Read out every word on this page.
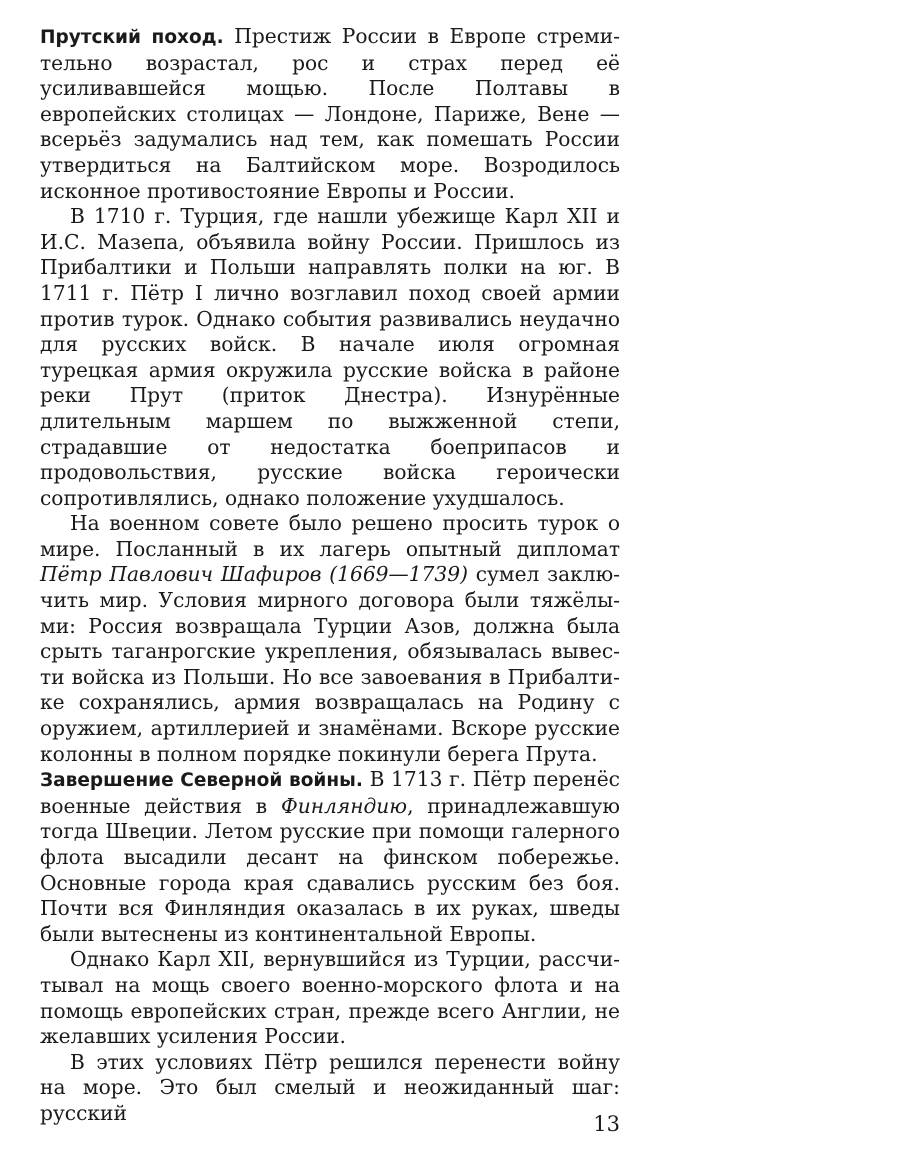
Прутский поход. Престиж России в Европе стремительно возрастал, рос и страх перед её усиливавшейся мощью. После Полтавы в европейских столицах — Лондоне, Париже, Вене — всерьёз задумались над тем, как помешать России утвердиться на Балтийском море. Возродилось исконное противостояние Европы и России.

В 1710 г. Турция, где нашли убежище Карл XII и И.С. Мазепа, объявила войну России. Пришлось из Прибалтики и Польши направлять полки на юг. В 1711 г. Пётр I лично возглавил поход своей армии против турок. Однако события развивались неудачно для русских войск. В начале июля огромная турецкая армия окружила русские войска в районе реки Прут (приток Днестра). Изнурённые длительным маршем по выжженной степи, страдавшие от недостатка боеприпасов и продовольствия, русские войска героически сопротивлялись, однако положение ухудшалось.

На военном совете было решено просить турок о мире. Посланный в их лагерь опытный дипломат Пётр Павлович Шафиров (1669—1739) сумел заключить мир. Условия мирного договора были тяжёлыми: Россия возвращала Турции Азов, должна была срыть таганрогские укрепления, обязывалась вывести войска из Польши. Но все завоевания в Прибалтике сохранялись, армия возвращалась на Родину с оружием, артиллерией и знамёнами. Вскоре русские колонны в полном порядке покинули берега Прута.

Завершение Северной войны. В 1713 г. Пётр перенёс военные действия в Финляндию, принадлежавшую тогда Швеции. Летом русские при помощи галерного флота высадили десант на финском побережье. Основные города края сдавались русским без боя. Почти вся Финляндия оказалась в их руках, шведы были вытеснены из континентальной Европы.

Однако Карл XII, вернувшийся из Турции, рассчитывал на мощь своего военно-морского флота и на помощь европейских стран, прежде всего Англии, не желавших усиления России.

В этих условиях Пётр решился перенести войну на море. Это был смелый и неожиданный шаг: русский	13
